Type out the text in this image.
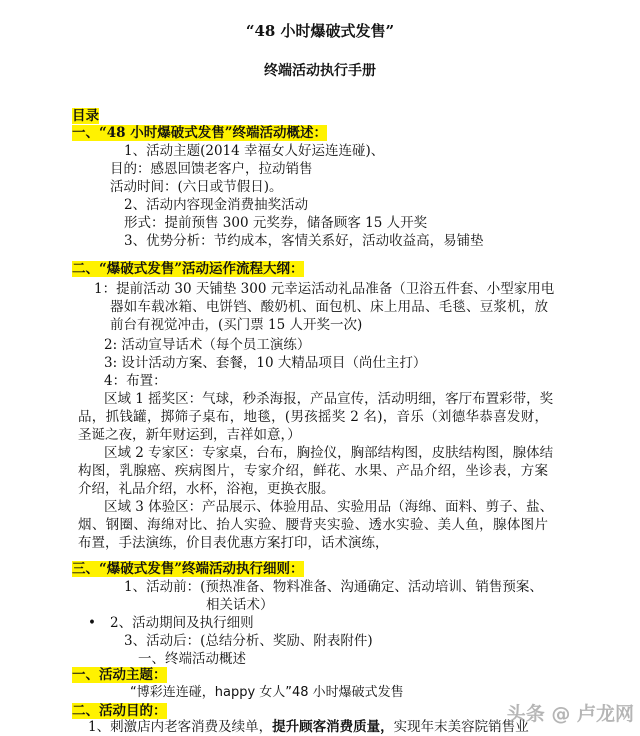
“48 小时爆破式发售”
终端活动执行手册
目录
一、“48 小时爆破式发售”终端活动概述：
1、活动主题(2014 幸福女人好运连连碰)、
目的：感恩回馈老客户，拉动销售
活动时间：(六日或节假日)。
2、活动内容现金消费抽奖活动
形式：提前预售 300 元奖券，储备顾客 15 人开奖
3、优势分析：节约成本，客情关系好，活动收益高，易铺垫
二、“爆破式发售”活动运作流程大纲：
1：提前活动 30 天铺垫 300 元幸运活动礼品准备（卫浴五件套、小型家用电
器如车载冰箱、电饼铛、酸奶机、面包机、床上用品、毛毯、豆浆机，放
前台有视觉冲击，(买门票 15 人开奖一次)
2: 活动宣导话术（每个员工演练）
3: 设计活动方案、套餐，10 大精品项目（尚仕主打）
4：布置：
区域 1 摇奖区：气球，秒杀海报，产品宣传，活动明细，客厅布置彩带，奖
品，抓钱罐，掷筛子桌布，地毯，(男孩摇奖 2 名)，音乐（刘德华恭喜发财，
圣诞之夜，新年财运到，吉祥如意，）
区域 2 专家区：专家桌，台布，胸捡仪，胸部结构图，皮肤结构图，腺体结
构图，乳腺癌、疾病图片，专家介绍，鲜花、水果、产品介绍，坐诊表，方案
介绍，礼品介绍，水杯，浴袍，更换衣服。
区域 3 体验区：产品展示、体验用品、实验用品（海绵、面料、剪子、盐、
烟、钢圈、海绵对比、抬人实验、腰背夹实验、透水实验、美人鱼，腺体图片
布置，手法演练，价目表优惠方案打印，话术演练，
三、“爆破式发售”终端活动执行细则：
1、活动前：(预热准备、物料准备、沟通确定、活动培训、销售预案、
相关话术）
• 2、活动期间及执行细则
3、活动后：(总结分析、奖励、附表附件)
一、终端活动概述
一、活动主题：
“博彩连连碰，happy 女人”48 小时爆破式发售
二、活动目的：
1、刺激店内老客消费及续单，提升顾客消费质量，实现年末美容院销售业
头条 @ 卢龙网
